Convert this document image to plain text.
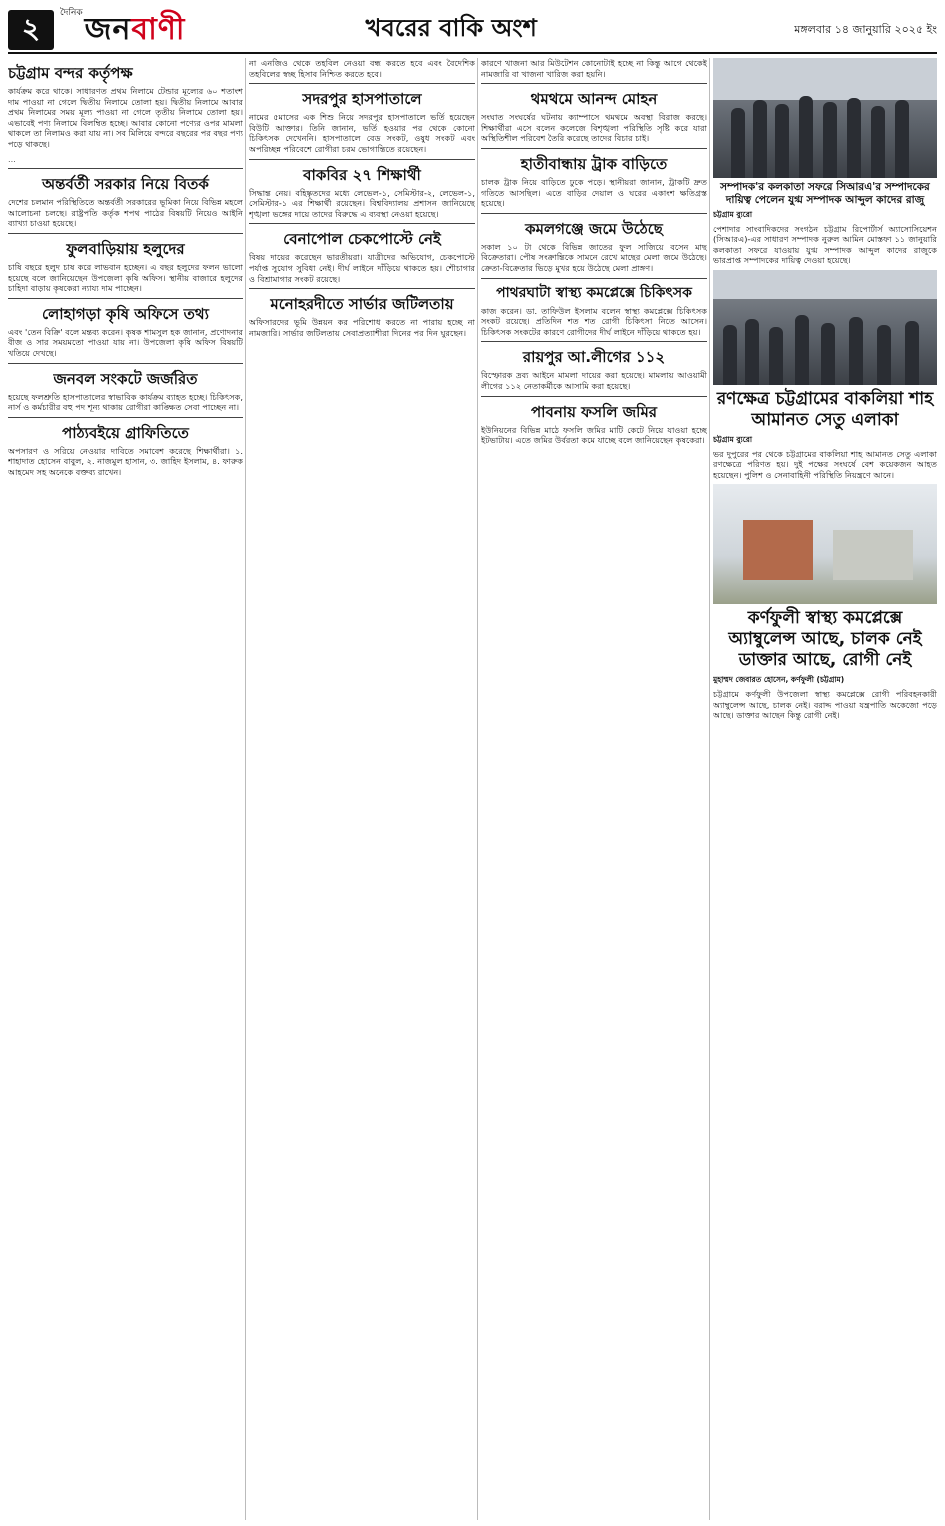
২	দৈনিক জনবাণী	খবরের বাকি অংশ	মঙ্গলবার ১৪ জানুয়ারি ২০২৫ ইং
চট্টগ্রাম বন্দর কর্তৃপক্ষ

কার্যক্রম করে থাকে। সাধারণত প্রথম নিলামে টেন্ডার মূল্যের ৬০ শতাংশ দাম পাওয়া না গেলে দ্বিতীয় নিলামে তোলা হয়। দ্বিতীয় নিলামে আবার প্রথম নিলামের সময় মূল্য পাওয়া না গেলে তৃতীয় নিলামে তোলা হয়। এভাবেই পণ্য নিলামে বিলম্বিত হচ্ছে। আবার কোনো পণ্যের ওপর মামলা থাকলে তা নিলামও করা যায় না। সব মিলিয়ে বন্দরে বছরের পর বছর পণ্য পড়ে থাকছে।

...

অন্তর্বর্তী সরকার নিয়ে বিতর্ক

দেশের চলমান পরিস্থিতিতে অন্তর্বর্তী সরকারের ভূমিকা নিয়ে বিভিন্ন মহলে আলোচনা চলছে। রাষ্ট্রপতি কর্তৃক শপথ পাঠের বিষয়টি নিয়েও আইনি ব্যাখ্যা চাওয়া হয়েছে।

ফুলবাড়িয়ায় হলুদের

চাষি বছরে হলুদ চাষ করে লাভবান হচ্ছেন। এ বছর হলুদের ফলন ভালো হয়েছে বলে জানিয়েছেন উপজেলা কৃষি অফিস। স্থানীয় বাজারে হলুদের চাহিদা বাড়ায় কৃষকেরা ন্যায্য দাম পাচ্ছেন।

লোহাগড়া কৃষি অফিসে তথ্য

এবং 'তেন বিক্রি' বলে মন্তব্য করেন। কৃষক শামসুল হক জানান, প্রণোদনার বীজ ও সার সময়মতো পাওয়া যায় না। উপজেলা কৃষি অফিস বিষয়টি খতিয়ে দেখছে।

জনবল সংকটে জর্জরিত

হয়েছে ফলশ্রুতি হাসপাতালের স্বাভাবিক কার্যক্রম ব্যাহত হচ্ছে। চিকিৎসক, নার্স ও কর্মচারীর বহু পদ শূন্য থাকায় রোগীরা কাঙ্ক্ষিত সেবা পাচ্ছেন না।

পাঠ্যবইয়ে গ্রাফিতিতে

অপসারণ ও সরিয়ে নেওয়ার দাবিতে সমাবেশ করেছে শিক্ষার্থীরা। ১. শাহাদাত হোসেন বাবুল, ২. নাজমুল হাসান, ৩. জাহিদ ইসলাম, ৪. ফারুক আহমেদ সহ অনেকে বক্তব্য রাখেন।

না এনজিও থেকে তহবিল নেওয়া বন্ধ করতে হবে এবং বৈদেশিক তহবিলের স্বচ্ছ হিসাব নিশ্চিত করতে হবে।

সদরপুর হাসপাতালে

নামের ৫মাসের এক শিশু নিয়ে সদরপুর হাসপাতালে ভর্তি হয়েছেন বিউটি আক্তার। তিনি জানান, ভর্তি হওয়ার পর থেকে কোনো চিকিৎসক দেখেননি। হাসপাতালে বেড সংকট, ওষুধ সংকট এবং অপরিচ্ছন্ন পরিবেশে রোগীরা চরম ভোগান্তিতে রয়েছেন।

বাকবির ২৭ শিক্ষার্থী

সিদ্ধান্ত নেয়। বহিষ্কৃতদের মধ্যে লেভেল-১, সেমিস্টার-২, লেভেল-১, সেমিস্টার-১ এর শিক্ষার্থী রয়েছেন। বিশ্ববিদ্যালয় প্রশাসন জানিয়েছে শৃঙ্খলা ভঙ্গের দায়ে তাদের বিরুদ্ধে এ ব্যবস্থা নেওয়া হয়েছে।

বেনাপোল চেকপোস্টে নেই

বিষয় দায়ের করেছেন ভারতীয়রা। যাত্রীদের অভিযোগ, চেকপোস্টে পর্যাপ্ত সুযোগ সুবিধা নেই। দীর্ঘ লাইনে দাঁড়িয়ে থাকতে হয়। শৌচাগার ও বিশ্রামাগার সংকট রয়েছে।

মনোহরদীতে সার্ভার জটিলতায়

অফিসারদের ভূমি উন্নয়ন কর পরিশোধ করতে না পারায় হচ্ছে না নামজারি। সার্ভার জটিলতায় সেবাপ্রত্যাশীরা দিনের পর দিন ঘুরছেন।

কারণে খাজনা আর মিউটেশন কোনোটাই হচ্ছে না কিন্তু আগে থেকেই নামজারি বা খাজনা খারিজ করা হয়নি।

থমথমে আনন্দ মোহন

সংঘাত সংঘর্ষের ঘটনায় ক্যাম্পাসে থমথমে অবস্থা বিরাজ করছে। শিক্ষার্থীরা এসে বলেন কলেজে বিশৃঙ্খলা পরিস্থিতি সৃষ্টি করে যারা অস্থিতিশীল পরিবেশ তৈরি করেছে তাদের বিচার চাই।

হাতীবান্ধায় ট্রাক বাড়িতে

চালক ট্রাক নিয়ে বাড়িতে ঢুকে পড়ে। স্থানীয়রা জানান, ট্রাকটি দ্রুত গতিতে আসছিল। এতে বাড়ির দেয়াল ও ঘরের একাংশ ক্ষতিগ্রস্ত হয়েছে।

কমলগঞ্জে জমে উঠেছে

সকাল ১০ টা থেকে বিভিন্ন জাতের ফুল সাজিয়ে বসেন মাছ বিক্রেতারা। পৌষ সংক্রান্তিকে সামনে রেখে মাছের মেলা জমে উঠেছে। ক্রেতা-বিক্রেতার ভিড়ে মুখর হয়ে উঠেছে মেলা প্রাঙ্গণ।

পাথরঘাটা স্বাস্থ্য কমপ্লেক্সে চিকিৎসক

কাজ করেন। ডা. তাফিউল ইসলাম বলেন স্বাস্থ্য কমপ্লেক্সে চিকিৎসক সংকট রয়েছে। প্রতিদিন শত শত রোগী চিকিৎসা নিতে আসেন। চিকিৎসক সংকটের কারণে রোগীদের দীর্ঘ লাইনে দাঁড়িয়ে থাকতে হয়।

রায়পুর আ.লীগের ১১২

বিস্ফোরক দ্রব্য আইনে মামলা দায়ের করা হয়েছে। মামলায় আওয়ামী লীগের ১১২ নেতাকর্মীকে আসামি করা হয়েছে।

পাবনায় ফসলি জমির

ইউনিয়নের বিভিন্ন মাঠে ফসলি জমির মাটি কেটে নিয়ে যাওয়া হচ্ছে ইটভাটায়। এতে জমির উর্বরতা কমে যাচ্ছে বলে জানিয়েছেন কৃষকেরা।

সম্পাদক'র কলকাতা সফরে সিআরএ'র সম্পাদকের দায়িত্ব পেলেন যুগ্ম সম্পাদক আব্দুল কাদের রাজু
চট্টগ্রাম ব্যুরো

পেশাদার সাংবাদিকদের সংগঠন চট্টগ্রাম রিপোর্টার্স অ্যাসোসিয়েশন (সিআরএ)-এর সাধারণ সম্পাদক নুরুল আমিন মোস্তফা ১১ জানুয়ারি কলকাতা সফরে যাওয়ায় যুগ্ম সম্পাদক আব্দুল কাদের রাজুকে ভারপ্রাপ্ত সম্পাদকের দায়িত্ব দেওয়া হয়েছে।

রণক্ষেত্র চট্টগ্রামের বাকলিয়া শাহ আমানত সেতু এলাকা
চট্টগ্রাম ব্যুরো

ভর দুপুরের পর থেকে চট্টগ্রামের বাকলিয়া শাহ আমানত সেতু এলাকা রণক্ষেত্রে পরিণত হয়। দুই পক্ষের সংঘর্ষে বেশ কয়েকজন আহত হয়েছেন। পুলিশ ও সেনাবাহিনী পরিস্থিতি নিয়ন্ত্রণে আনে।

কর্ণফুলী স্বাস্থ্য কমপ্লেক্সে অ্যাম্বুলেন্স আছে, চালক নেই ডাক্তার আছে, রোগী নেই
মুহাম্মদ জেবারত হোসেন, কর্ণফুলী (চট্টগ্রাম)

চট্টগ্রামে কর্ণফুলী উপজেলা স্বাস্থ্য কমপ্লেক্সে রোগী পরিবহনকারী অ্যাম্বুলেন্স আছে, চালক নেই। বরাদ্দ পাওয়া যন্ত্রপাতি অকেজো পড়ে আছে। ডাক্তার আছেন কিন্তু রোগী নেই।
